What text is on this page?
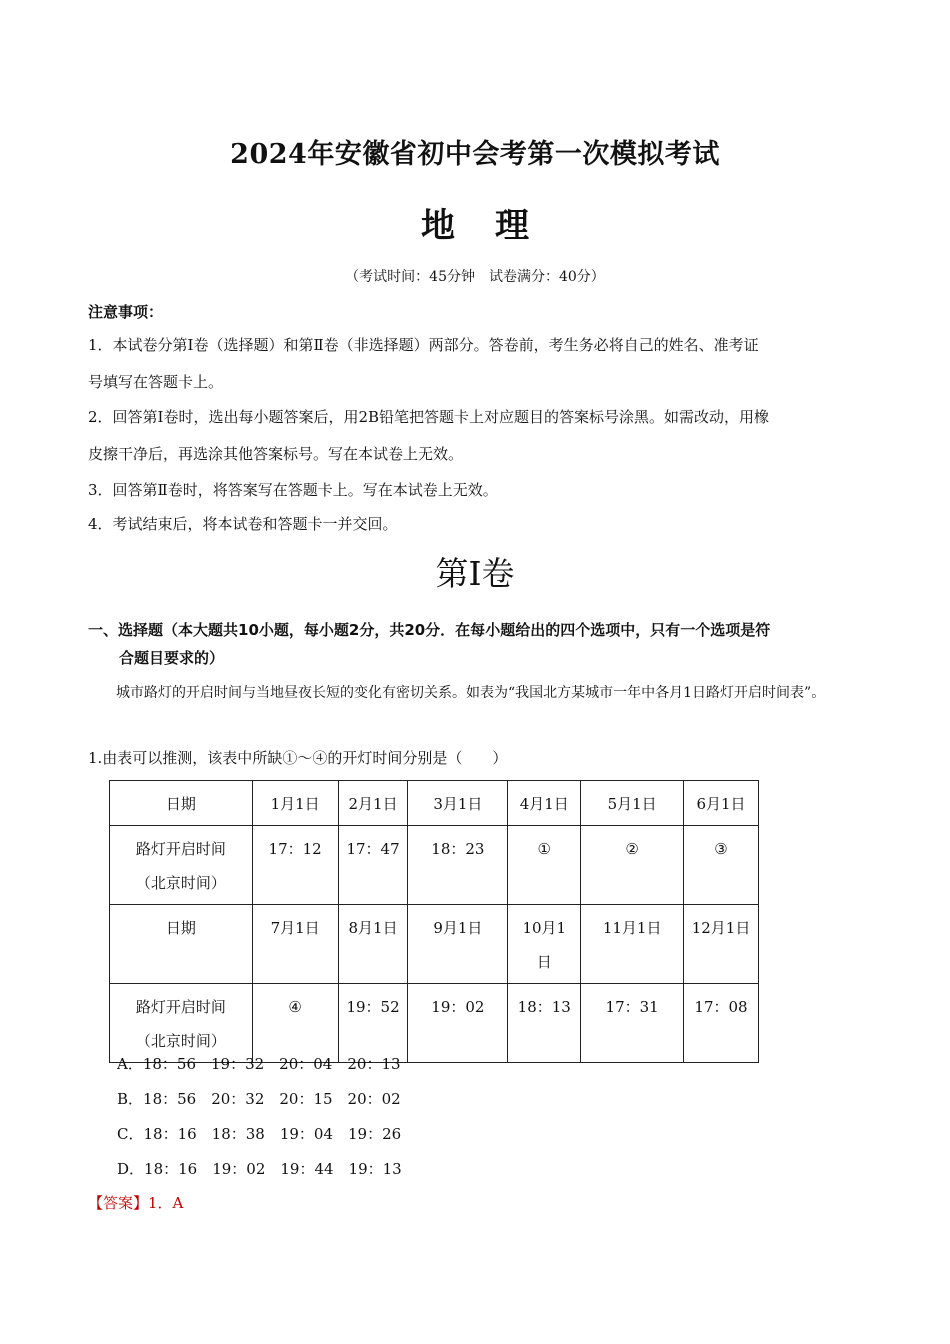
2024年安徽省初中会考第一次模拟考试
地理
（考试时间：45分钟　试卷满分：40分）
注意事项：
1．本试卷分第Ⅰ卷（选择题）和第Ⅱ卷（非选择题）两部分。答卷前，考生务必将自己的姓名、准考证
号填写在答题卡上。
2．回答第Ⅰ卷时，选出每小题答案后，用2B铅笔把答题卡上对应题目的答案标号涂黑。如需改动，用橡
皮擦干净后，再选涂其他答案标号。写在本试卷上无效。
3．回答第Ⅱ卷时，将答案写在答题卡上。写在本试卷上无效。
4．考试结束后，将本试卷和答题卡一并交回。
第Ⅰ卷
一、选择题（本大题共10小题，每小题2分，共20分．在每小题给出的四个选项中，只有一个选项是符
合题目要求的）
城市路灯的开启时间与当地昼夜长短的变化有密切关系。如表为“我国北方某城市一年中各月1日路灯开启时间表”。
1.由表可以推测，该表中所缺①～④的开灯时间分别是（　　）
日期	1月1日	2月1日	3月1日	4月1日	5月1日	6月1日

路灯开启时间
（北京时间）	17：12	17：47	18：23	①	②	③
日期	7月1日	8月1日	9月1日	10月1日	11月1日	12月1日

路灯开启时间
（北京时间）	④	19：52	19：02	18：13	17：31	17：08
A．18：56　19：32　20：04　20：13
B．18：56　20：32　20：15　20：02
C．18：16　18：38　19：04　19：26
D．18：16　19：02　19：44　19：13
【答案】1．A
